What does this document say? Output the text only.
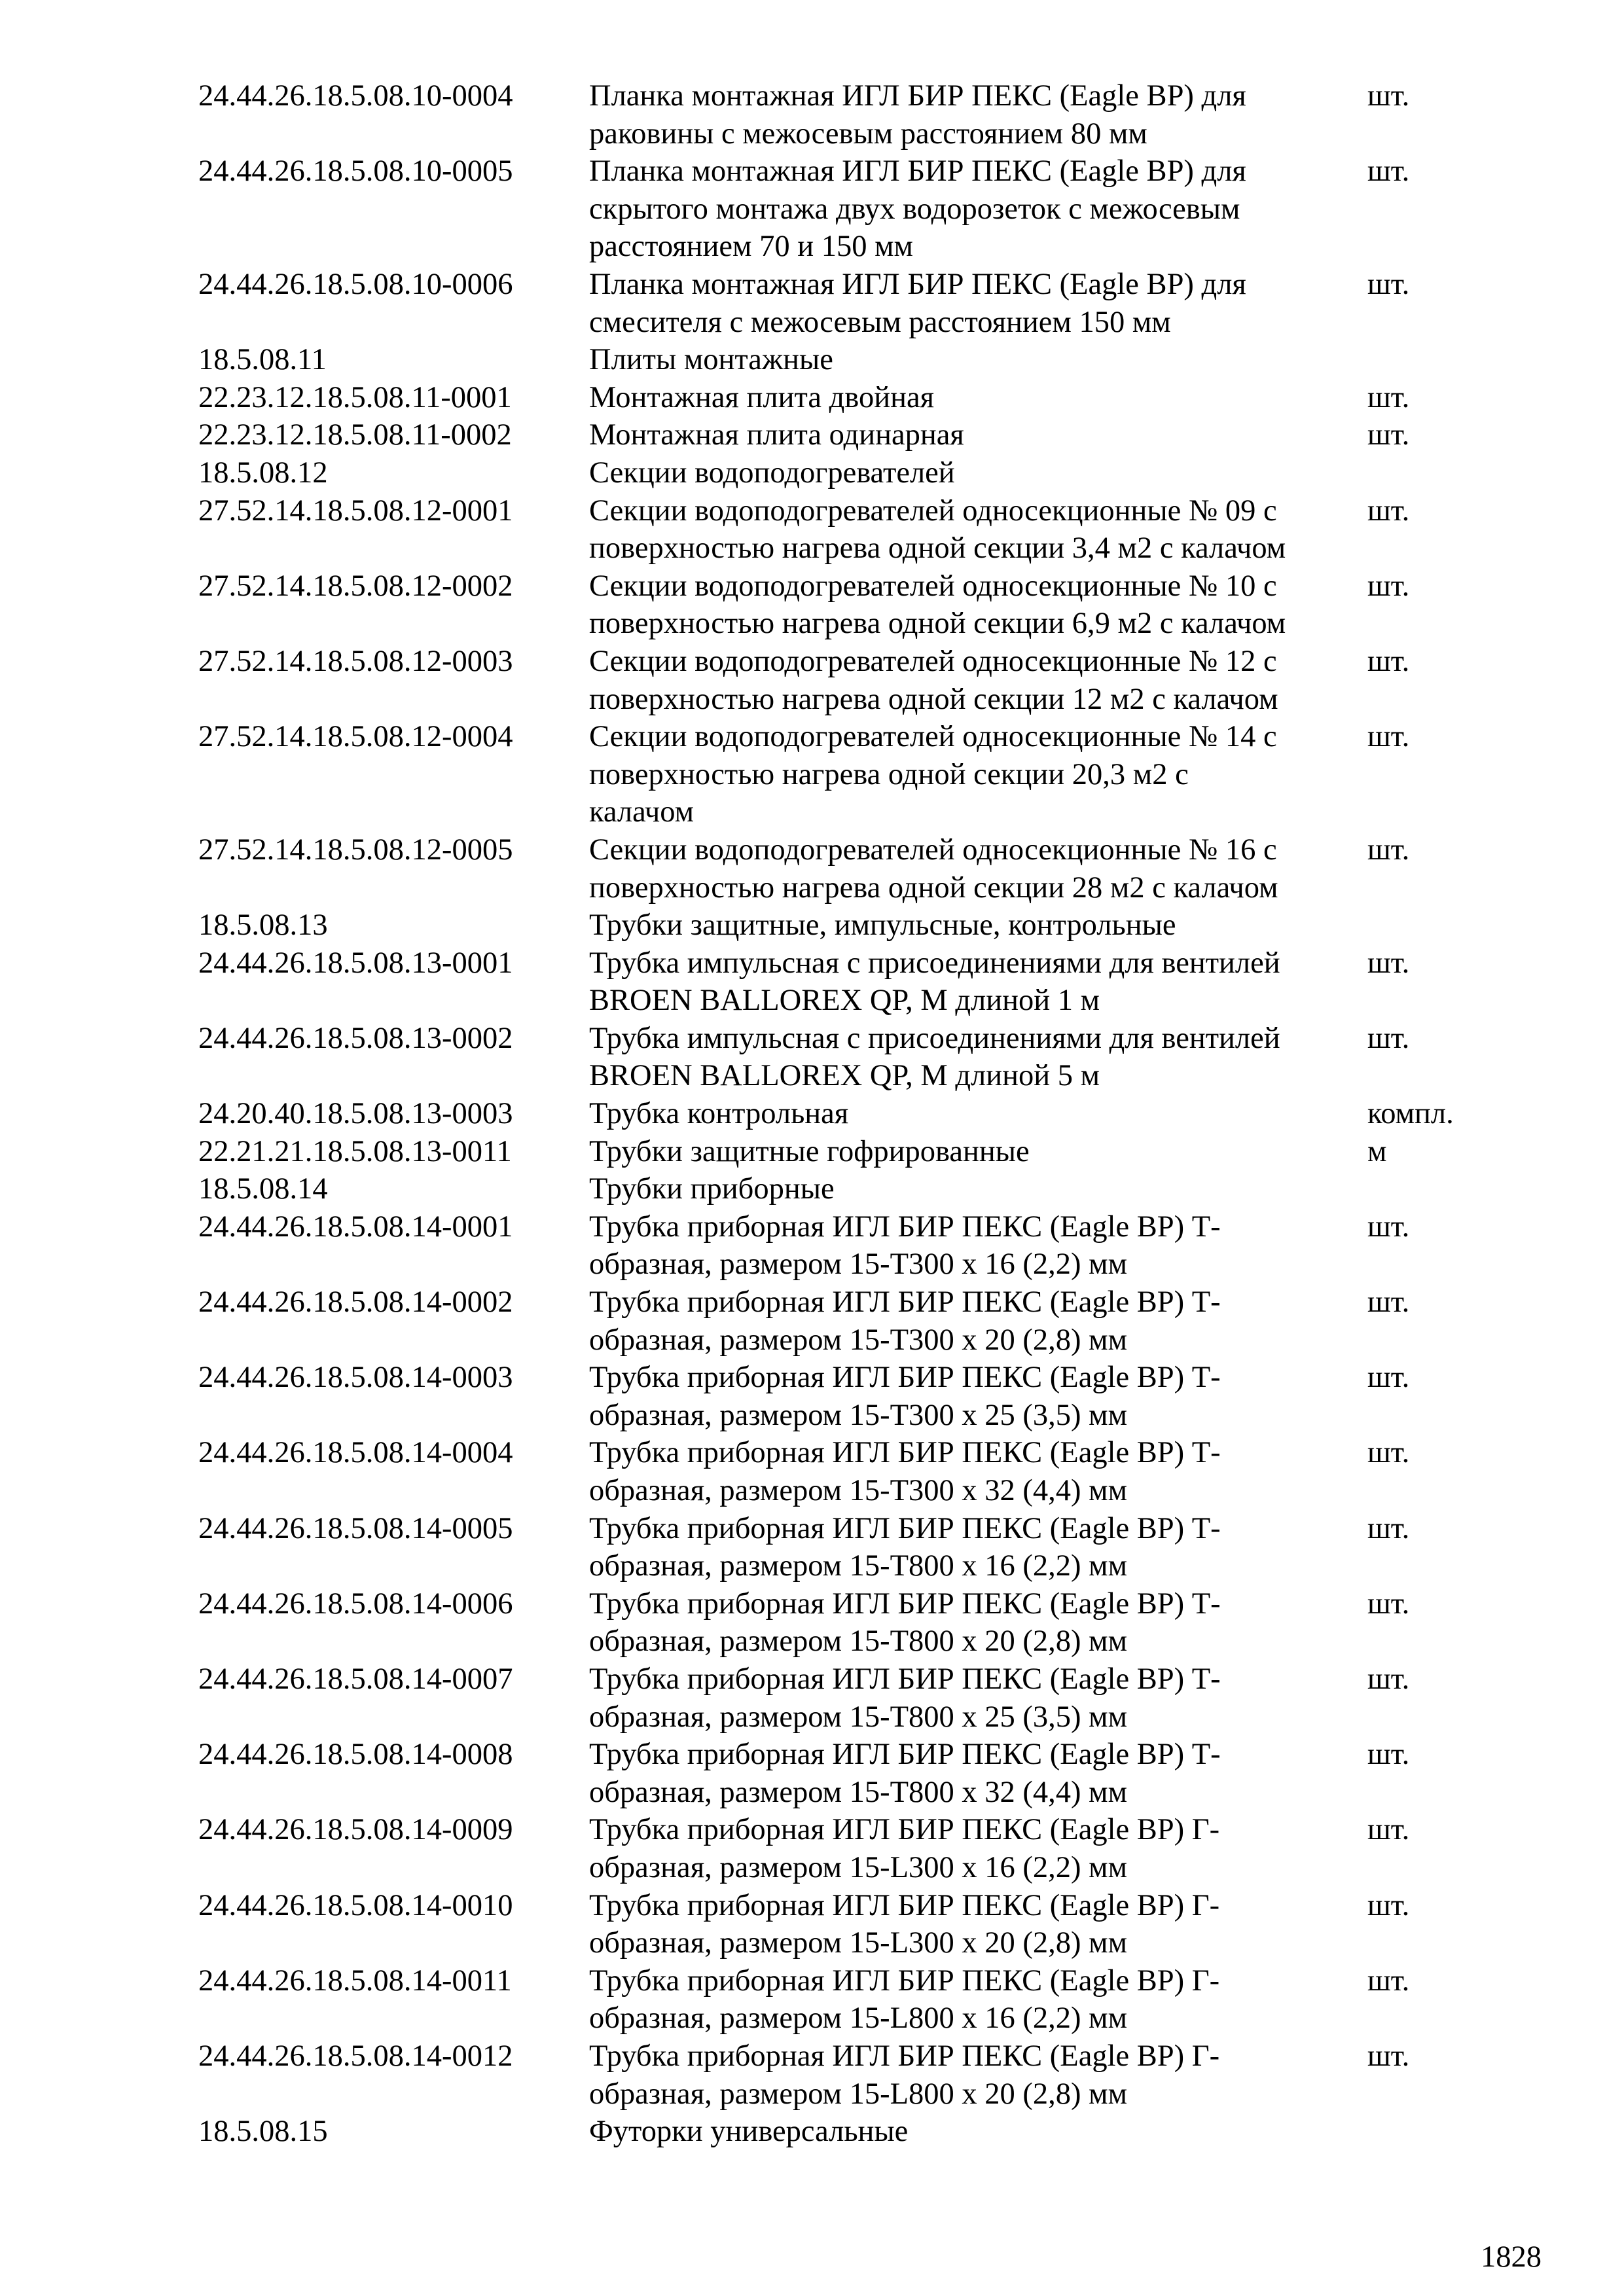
24.44.26.18.5.08.10-0004	Планка монтажная ИГЛ БИР ПЕКС (Eagle BP) для
раковины с межосевым расстоянием 80 мм
шт.
24.44.26.18.5.08.10-0005	Планка монтажная ИГЛ БИР ПЕКС (Eagle BP) для
скрытого монтажа двух водорозеток с межосевым
расстоянием 70 и 150 мм
шт.
24.44.26.18.5.08.10-0006	Планка монтажная ИГЛ БИР ПЕКС (Eagle BP) для
смесителя с межосевым расстоянием 150 мм
шт.
18.5.08.11	Плиты монтажные
22.23.12.18.5.08.11-0001	Монтажная плита двойная	шт.
22.23.12.18.5.08.11-0002	Монтажная плита одинарная	шт.
18.5.08.12	Секции водоподогревателей
27.52.14.18.5.08.12-0001	Секции водоподогревателей односекционные № 09 с
поверхностью нагрева одной секции 3,4 м2 с калачом
шт.
27.52.14.18.5.08.12-0002	Секции водоподогревателей односекционные № 10 с
поверхностью нагрева одной секции 6,9 м2 с калачом
шт.
27.52.14.18.5.08.12-0003	Секции водоподогревателей односекционные № 12 с
поверхностью нагрева одной секции 12 м2 с калачом
шт.
27.52.14.18.5.08.12-0004	Секции водоподогревателей односекционные № 14 с
поверхностью нагрева одной секции 20,3 м2 с
калачом
шт.
27.52.14.18.5.08.12-0005	Секции водоподогревателей односекционные № 16 с
поверхностью нагрева одной секции 28 м2 с калачом
шт.
18.5.08.13	Трубки защитные, импульсные, контрольные
24.44.26.18.5.08.13-0001	Трубка импульсная с присоединениями для вентилей
BROEN BALLOREX QP, M длиной 1 м
шт.
24.44.26.18.5.08.13-0002	Трубка импульсная с присоединениями для вентилей
BROEN BALLOREX QP, M длиной 5 м
шт.
24.20.40.18.5.08.13-0003	Трубка контрольная	компл.
22.21.21.18.5.08.13-0011	Трубки защитные гофрированные	м
18.5.08.14	Трубки приборные
24.44.26.18.5.08.14-0001	Трубка приборная ИГЛ БИР ПЕКС (Eagle BP) Т-
образная, размером 15-Т300 х 16 (2,2) мм
шт.
24.44.26.18.5.08.14-0002	Трубка приборная ИГЛ БИР ПЕКС (Eagle BP) Т-
образная, размером 15-Т300 х 20 (2,8) мм
шт.
24.44.26.18.5.08.14-0003	Трубка приборная ИГЛ БИР ПЕКС (Eagle BP) Т-
образная, размером 15-Т300 х 25 (3,5) мм
шт.
24.44.26.18.5.08.14-0004	Трубка приборная ИГЛ БИР ПЕКС (Eagle BP) Т-
образная, размером 15-Т300 х 32 (4,4) мм
шт.
24.44.26.18.5.08.14-0005	Трубка приборная ИГЛ БИР ПЕКС (Eagle BP) Т-
образная, размером 15-Т800 х 16 (2,2) мм
шт.
24.44.26.18.5.08.14-0006	Трубка приборная ИГЛ БИР ПЕКС (Eagle BP) Т-
образная, размером 15-Т800 х 20 (2,8) мм
шт.
24.44.26.18.5.08.14-0007	Трубка приборная ИГЛ БИР ПЕКС (Eagle BP) Т-
образная, размером 15-Т800 х 25 (3,5) мм
шт.
24.44.26.18.5.08.14-0008	Трубка приборная ИГЛ БИР ПЕКС (Eagle BP) Т-
образная, размером 15-Т800 х 32 (4,4) мм
шт.
24.44.26.18.5.08.14-0009	Трубка приборная ИГЛ БИР ПЕКС (Eagle BP) Г-
образная, размером 15-L300 х 16 (2,2) мм
шт.
24.44.26.18.5.08.14-0010	Трубка приборная ИГЛ БИР ПЕКС (Eagle BP) Г-
образная, размером 15-L300 х 20 (2,8) мм
шт.
24.44.26.18.5.08.14-0011	Трубка приборная ИГЛ БИР ПЕКС (Eagle BP) Г-
образная, размером 15-L800 х 16 (2,2) мм
шт.
24.44.26.18.5.08.14-0012	Трубка приборная ИГЛ БИР ПЕКС (Eagle BP) Г-
образная, размером 15-L800 х 20 (2,8) мм
шт.
18.5.08.15	Футорки универсальные
1828
